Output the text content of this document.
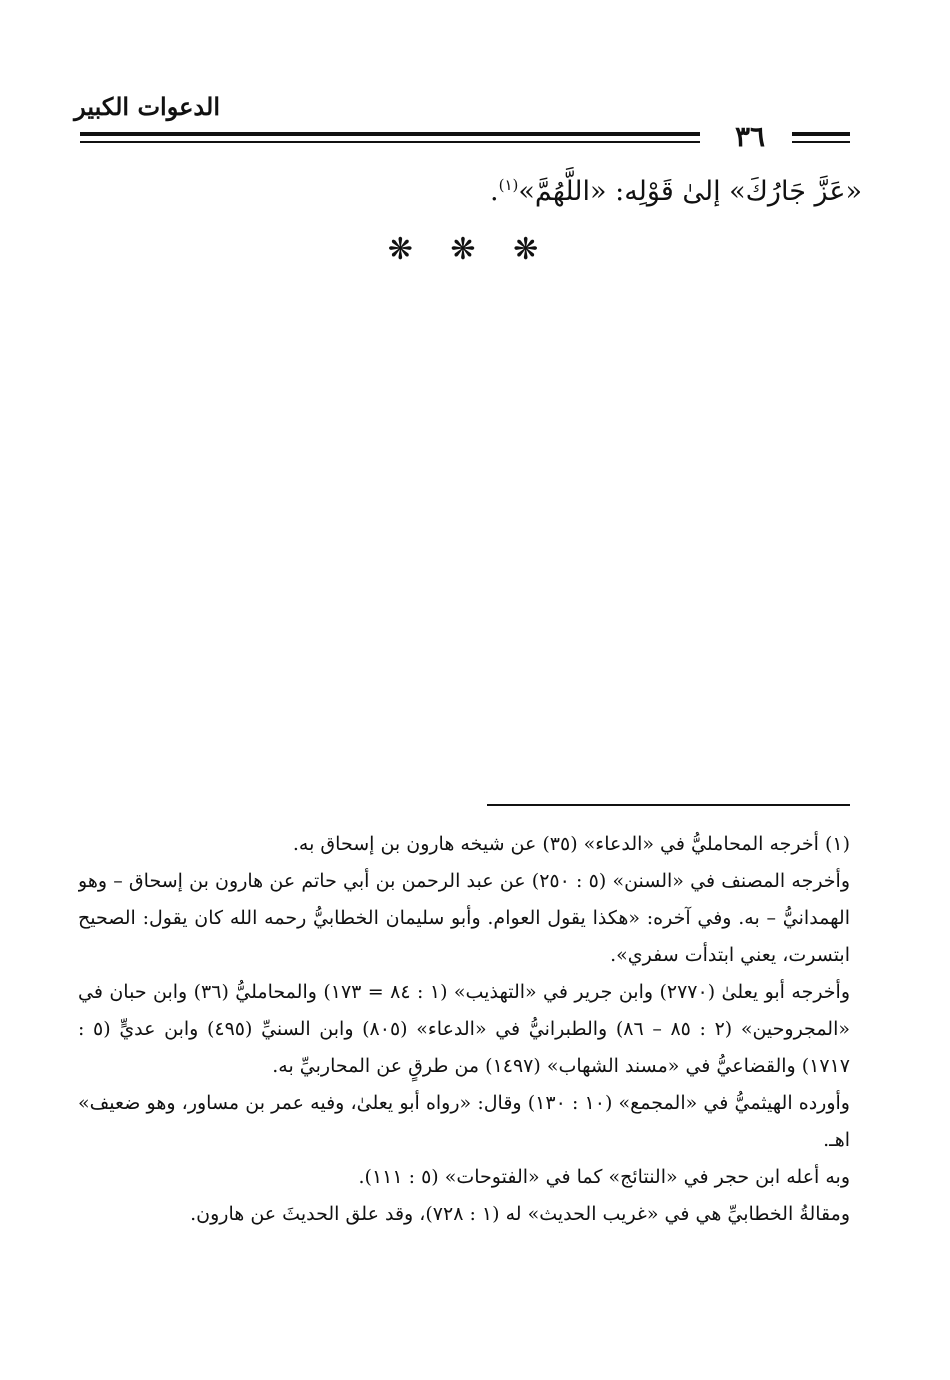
الدعوات الكبير
٣٦
«عَزَّ جَارُكَ» إلىٰ قَوْلِه: «اللَّهُمَّ»$^{(١)}$.
❋ ❋ ❋

(١) أخرجه المحامليُّ في «الدعاء» (٣٥) عن شيخه هارون بن إسحاق به.

وأخرجه المصنف في «السنن» (٥ : ٢٥٠) عن عبد الرحمن بن أبي حاتم عن هارون بن إسحاق – وهو الهمدانيُّ – به. وفي آخره: «هكذا يقول العوام. وأبو سليمان الخطابيُّ رحمه الله كان يقول: الصحيح ابتسرت، يعني ابتدأت سفري».

وأخرجه أبو يعلىٰ (٢٧٧٠) وابن جرير في «التهذيب» (١ : ٨٤ = ١٧٣) والمحامليُّ (٣٦) وابن حبان في «المجروحين» (٢ : ٨٥ – ٨٦) والطبرانيُّ في «الدعاء» (٨٠٥) وابن السنيِّ (٤٩٥) وابن عديٍّ (٥ : ١٧١٧) والقضاعيُّ في «مسند الشهاب» (١٤٩٧) من طرقٍ عن المحاربيِّ به.

وأورده الهيثميُّ في «المجمع» (١٠ : ١٣٠) وقال: «رواه أبو يعلىٰ، وفيه عمر بن مساور، وهو ضعيف» اهـ.

وبه أعله ابن حجر في «النتائج» كما في «الفتوحات» (٥ : ١١١).

ومقالةُ الخطابيِّ هي في «غريب الحديث» له (١ : ٧٢٨)، وقد علق الحديثَ عن هارون.
